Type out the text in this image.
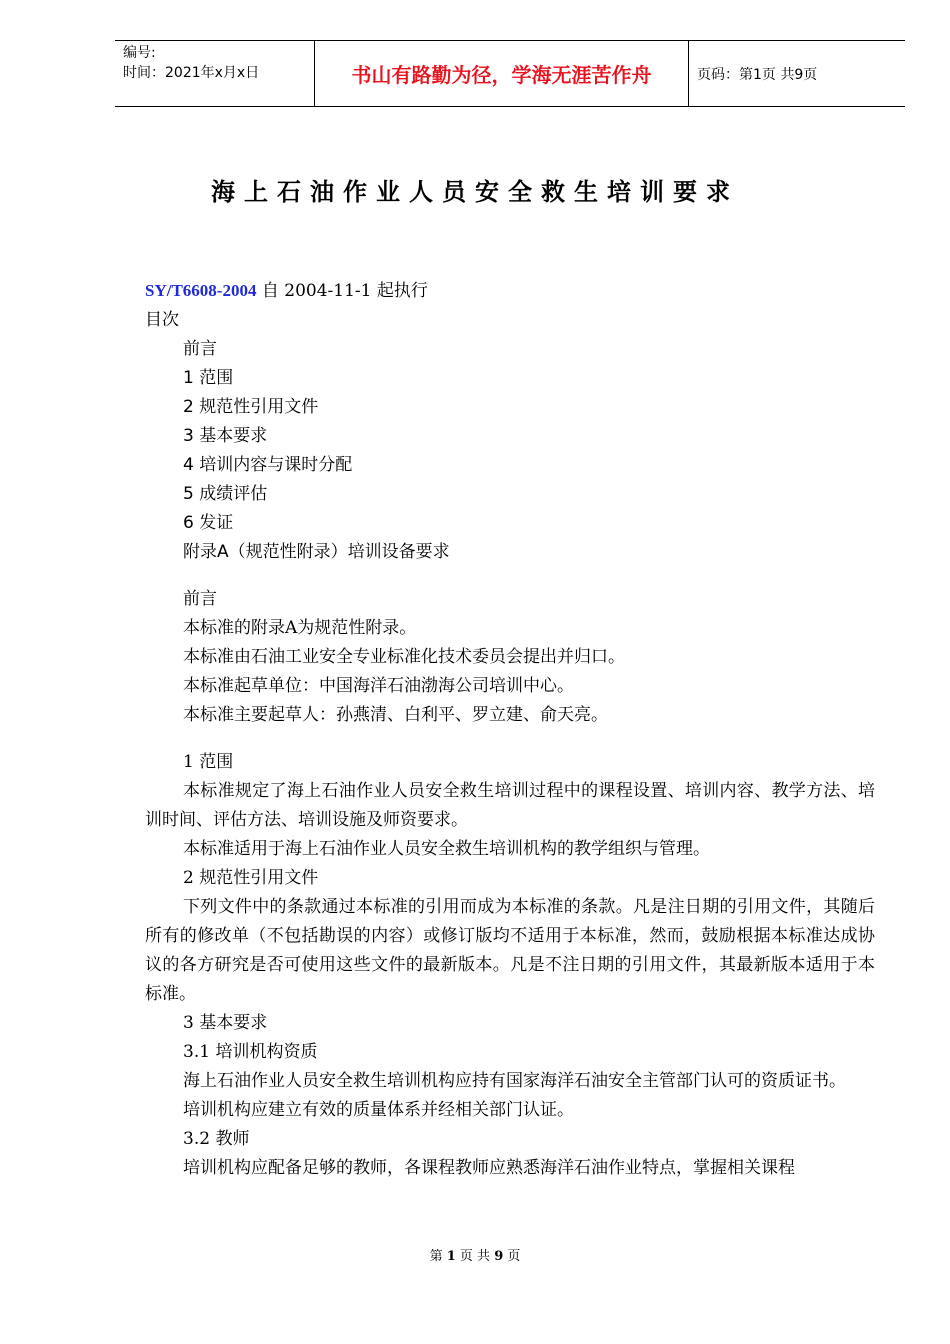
编号:
时间：2021年x月x日	书山有路勤为径，学海无涯苦作舟	页码：第1页 共9页
海上石油作业人员安全救生培训要求
SY/T6608-2004 自 2004-11-1 起执行
目次
前言
1 范围
2 规范性引用文件
3 基本要求
4 培训内容与课时分配
5 成绩评估
6 发证
附录A（规范性附录）培训设备要求
前言
本标准的附录A为规范性附录。
本标准由石油工业安全专业标准化技术委员会提出并归口。
本标准起草单位：中国海洋石油渤海公司培训中心。
本标准主要起草人：孙燕清、白利平、罗立建、俞天亮。
1 范围
本标准规定了海上石油作业人员安全救生培训过程中的课程设置、培训内容、教学方法、培训时间、评估方法、培训设施及师资要求。
本标准适用于海上石油作业人员安全救生培训机构的教学组织与管理。
2 规范性引用文件
下列文件中的条款通过本标准的引用而成为本标准的条款。凡是注日期的引用文件，其随后所有的修改单（不包括勘误的内容）或修订版均不适用于本标准，然而，鼓励根据本标准达成协议的各方研究是否可使用这些文件的最新版本。凡是不注日期的引用文件，其最新版本适用于本标准。
3 基本要求
3.1 培训机构资质
海上石油作业人员安全救生培训机构应持有国家海洋石油安全主管部门认可的资质证书。
培训机构应建立有效的质量体系并经相关部门认证。
3.2 教师
培训机构应配备足够的教师，各课程教师应熟悉海洋石油作业特点，掌握相关课程
第 1 页 共 9 页
